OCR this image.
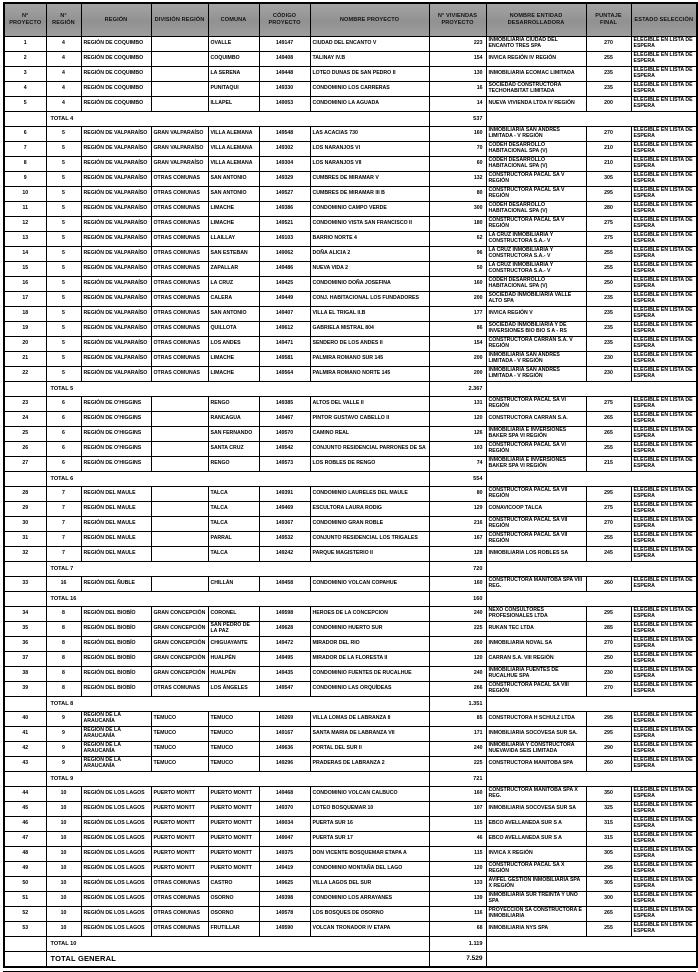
N° PROYECTO	N° REGIÓN	REGIÓN	DIVISIÓN REGIÓN	COMUNA	CÓDIGO PROYECTO	NOMBRE PROYECTO	N° VIVIENDAS PROYECTO	NOMBRE ENTIDAD DESARROLLADORA	PUNTAJE FINAL	ESTADO SELECCIÓN
1	4	REGIÓN DE COQUIMBO		OVALLE	149147	CIUDAD DEL ENCANTO V	223	INMOBILIARIA CIUDAD DEL ENCANTO TRES SPA	270	ELEGIBLE EN LISTA DE ESPERA
2	4	REGIÓN DE COQUIMBO		COQUIMBO	149408	TALINAY IV.B	154	INVICA REGIÓN IV REGIÓN	255	ELEGIBLE EN LISTA DE ESPERA
3	4	REGIÓN DE COQUIMBO		LA SERENA	149448	LOTEO DUNAS DE SAN PEDRO II	130	INMOBILIARIA ECOMAC LIMITADA	235	ELEGIBLE EN LISTA DE ESPERA
4	4	REGIÓN DE COQUIMBO		PUNITAQUI	149330	CONDOMINIO LOS CARRERAS	16	SOCIEDAD CONSTRUCTORA TECHOHABITAT LIMITADA	235	ELEGIBLE EN LISTA DE ESPERA
5	4	REGIÓN DE COQUIMBO		ILLAPEL	149053	CONDOMINIO LA AGUADA	14	NUEVA VIVIENDA LTDA IV REGIÓN	200	ELEGIBLE EN LISTA DE ESPERA
	TOTAL 4						537			
6	5	REGIÓN DE VALPARAÍSO	GRAN VALPARAÍSO	VILLA ALEMANA	149548	LAS ACACIAS 730	160	INMOBILIARIA SAN ANDRES LIMITADA - V REGIÓN	270	ELEGIBLE EN LISTA DE ESPERA
7	5	REGIÓN DE VALPARAÍSO	GRAN VALPARAÍSO	VILLA ALEMANA	149302	LOS NARANJOS VI	70	CODEH DESARROLLO HABITACIONAL SPA (V)	210	ELEGIBLE EN LISTA DE ESPERA
8	5	REGIÓN DE VALPARAÍSO	GRAN VALPARAÍSO	VILLA ALEMANA	149304	LOS NARANJOS VII	60	CODEH DESARROLLO HABITACIONAL SPA (V)	210	ELEGIBLE EN LISTA DE ESPERA
9	5	REGIÓN DE VALPARAÍSO	OTRAS COMUNAS	SAN ANTONIO	149329	CUMBRES DE MIRAMAR V	132	CONSTRUCTORA PACAL SA V REGIÓN	305	ELEGIBLE EN LISTA DE ESPERA
10	5	REGIÓN DE VALPARAÍSO	OTRAS COMUNAS	SAN ANTONIO	149527	CUMBRES DE MIRAMAR III B	80	CONSTRUCTORA PACAL SA V REGIÓN	295	ELEGIBLE EN LISTA DE ESPERA
11	5	REGIÓN DE VALPARAÍSO	OTRAS COMUNAS	LIMACHE	149386	CONDOMINIO CAMPO VERDE	300	CODEH DESARROLLO HABITACIONAL SPA (V)	280	ELEGIBLE EN LISTA DE ESPERA
12	5	REGIÓN DE VALPARAÍSO	OTRAS COMUNAS	LIMACHE	149521	CONDOMINIO VISTA SAN FRANCISCO II	180	CONSTRUCTORA PACAL SA V REGIÓN	275	ELEGIBLE EN LISTA DE ESPERA
13	5	REGIÓN DE VALPARAÍSO	OTRAS COMUNAS	LLAILLAY	149103	BARRIO NORTE 4	62	LA CRUZ INMOBILIARIA Y CONSTRUCTORA S.A.- V	275	ELEGIBLE EN LISTA DE ESPERA
14	5	REGIÓN DE VALPARAÍSO	OTRAS COMUNAS	SAN ESTEBAN	149062	DOÑA ALICIA 2	96	LA CRUZ INMOBILIARIA Y CONSTRUCTORA S.A.- V	255	ELEGIBLE EN LISTA DE ESPERA
15	5	REGIÓN DE VALPARAÍSO	OTRAS COMUNAS	ZAPALLAR	149486	NUEVA VIDA 2	50	LA CRUZ INMOBILIARIA Y CONSTRUCTORA S.A.- V	255	ELEGIBLE EN LISTA DE ESPERA
16	5	REGIÓN DE VALPARAÍSO	OTRAS COMUNAS	LA CRUZ	149425	CONDOMINIO DOÑA JOSEFINA	160	CODEH DESARROLLO HABITACIONAL SPA (V)	250	ELEGIBLE EN LISTA DE ESPERA
17	5	REGIÓN DE VALPARAÍSO	OTRAS COMUNAS	CALERA	149449	CONJ. HABITACIONAL LOS FUNDADORES	200	SOCIEDAD INMOBILIARIA VALLE ALTO SPA	235	ELEGIBLE EN LISTA DE ESPERA
18	5	REGIÓN DE VALPARAÍSO	OTRAS COMUNAS	SAN ANTONIO	149407	VILLA EL TRIGAL II.B	177	INVICA REGIÓN V	235	ELEGIBLE EN LISTA DE ESPERA
19	5	REGIÓN DE VALPARAÍSO	OTRAS COMUNAS	QUILLOTA	149612	GABRIELA MISTRAL 804	86	SOCIEDAD INMOBILIARIA Y DE INVERSIONES BIO BIO S A - RS	235	ELEGIBLE EN LISTA DE ESPERA
20	5	REGIÓN DE VALPARAÍSO	OTRAS COMUNAS	LOS ANDES	149471	SENDERO DE LOS ANDES II	154	CONSTRUCTORA CARRAN S.A. V REGIÓN	235	ELEGIBLE EN LISTA DE ESPERA
21	5	REGIÓN DE VALPARAÍSO	OTRAS COMUNAS	LIMACHE	149581	PALMIRA ROMANO SUR 145	200	INMOBILIARIA SAN ANDRES LIMITADA - V REGIÓN	230	ELEGIBLE EN LISTA DE ESPERA
22	5	REGIÓN DE VALPARAÍSO	OTRAS COMUNAS	LIMACHE	149564	PALMIRA ROMANO NORTE 145	200	INMOBILIARIA SAN ANDRES LIMITADA - V REGIÓN	230	ELEGIBLE EN LISTA DE ESPERA
	TOTAL 5						2.367			
23	6	REGIÓN DE O'HIGGINS		RENGO	149385	ALTOS DEL VALLE II	131	CONSTRUCTORA PACAL SA VI REGIÓN	275	ELEGIBLE EN LISTA DE ESPERA
24	6	REGIÓN DE O'HIGGINS		RANCAGUA	149467	PINTOR GUSTAVO CABELLO II	120	CONSTRUCTORA CARRAN S.A.	265	ELEGIBLE EN LISTA DE ESPERA
25	6	REGIÓN DE O'HIGGINS		SAN FERNANDO	149570	CAMINO REAL	126	INMOBILIARIA E INVERSIONES BAKER SPA VI REGIÓN	265	ELEGIBLE EN LISTA DE ESPERA
26	6	REGIÓN DE O'HIGGINS		SANTA CRUZ	149542	CONJUNTO RESIDENCIAL PARRONES DE SA	103	CONSTRUCTORA PACAL SA VI REGIÓN	255	ELEGIBLE EN LISTA DE ESPERA
27	6	REGIÓN DE O'HIGGINS		RENGO	149573	LOS ROBLES DE RENGO	74	INMOBILIARIA E INVERSIONES BAKER SPA VI REGIÓN	215	ELEGIBLE EN LISTA DE ESPERA
	TOTAL 6						554			
28	7	REGIÓN DEL MAULE		TALCA	149391	CONDOMINIO LAURELES DEL MAULE	80	CONSTRUCTORA PACAL SA VII REGIÓN	295	ELEGIBLE EN LISTA DE ESPERA
29	7	REGIÓN DEL MAULE		TALCA	149469	ESCULTORA LAURA RODIG	129	CONAVICOOP TALCA	275	ELEGIBLE EN LISTA DE ESPERA
30	7	REGIÓN DEL MAULE		TALCA	149367	CONDOMINIO GRAN ROBLE	216	CONSTRUCTORA PACAL SA VII REGIÓN	270	ELEGIBLE EN LISTA DE ESPERA
31	7	REGIÓN DEL MAULE		PARRAL	149532	CONJUNTO RESIDENCIAL LOS TRIGALES	167	CONSTRUCTORA PACAL SA VII REGIÓN	255	ELEGIBLE EN LISTA DE ESPERA
32	7	REGIÓN DEL MAULE		TALCA	149242	PARQUE MAGISTERIO II	128	INMOBILIARIA LOS ROBLES SA	245	ELEGIBLE EN LISTA DE ESPERA
	TOTAL 7						720			
33	16	REGIÓN DEL ÑUBLE		CHILLÁN	149458	CONDOMINIO VOLCAN COPAHUE	160	CONSTRUCTORA MANITOBA SPA VIII REG.	260	ELEGIBLE EN LISTA DE ESPERA
	TOTAL 16						160			
34	8	REGIÓN DEL BIOBÍO	GRAN CONCEPCIÓN	CORONEL	149598	HEROES DE LA CONCEPCION	240	NEXO CONSULTORES PROFESIONALES LTDA	295	ELEGIBLE EN LISTA DE ESPERA
35	8	REGIÓN DEL BIOBÍO	GRAN CONCEPCIÓN	SAN PEDRO DE LA PAZ	149628	CONDOMINIO HUERTO SUR	225	RUKAN TEC LTDA	285	ELEGIBLE EN LISTA DE ESPERA
36	8	REGIÓN DEL BIOBÍO	GRAN CONCEPCIÓN	CHIGUAYANTE	149472	MIRADOR DEL RIO	260	INMOBILIARIA NOVAL SA	270	ELEGIBLE EN LISTA DE ESPERA
37	8	REGIÓN DEL BIOBÍO	GRAN CONCEPCIÓN	HUALPÉN	149495	MIRADOR DE LA FLORESTA II	120	CARRAN S.A. VIII REGIÓN	250	ELEGIBLE EN LISTA DE ESPERA
38	8	REGIÓN DEL BIOBÍO	GRAN CONCEPCIÓN	HUALPÉN	149435	CONDOMINIO FUENTES DE RUCALHUE	240	INMOBILIARIA FUENTES DE RUCALHUE SPA	230	ELEGIBLE EN LISTA DE ESPERA
39	8	REGIÓN DEL BIOBÍO	OTRAS COMUNAS	LOS ÁNGELES	149547	CONDOMINIO LAS ORQUÍDEAS	266	CONSTRUCTORA PACAL SA VIII REGIÓN	270	ELEGIBLE EN LISTA DE ESPERA
	TOTAL 8						1.351			
40	9	REGIÓN DE LA ARAUCANÍA	TEMUCO	TEMUCO	149269	VILLA LOMAS DE LABRANZA II	85	CONSTRUCTORA H SCHULZ LTDA	295	ELEGIBLE EN LISTA DE ESPERA
41	9	REGIÓN DE LA ARAUCANÍA	TEMUCO	TEMUCO	149167	SANTA MARIA DE LABRANZA VII	171	INMOBILIARIA SOCOVESA SUR SA.	295	ELEGIBLE EN LISTA DE ESPERA
42	9	REGIÓN DE LA ARAUCANÍA	TEMUCO	TEMUCO	149636	PORTAL DEL SUR II	240	INMOBILIARIA Y CONSTRUCTORA NUEVAVIDA SEIS LIMITADA	290	ELEGIBLE EN LISTA DE ESPERA
43	9	REGIÓN DE LA ARAUCANÍA	TEMUCO	TEMUCO	149296	PRADERAS DE LABRANZA 2	225	CONSTRUCTORA MANITOBA SPA	260	ELEGIBLE EN LISTA DE ESPERA
	TOTAL 9						721			
44	10	REGIÓN DE LOS LAGOS	PUERTO MONTT	PUERTO MONTT	149468	CONDOMINIO VOLCAN CALBUCO	160	CONSTRUCTORA MANITOBA SPA X REG.	350	ELEGIBLE EN LISTA DE ESPERA
45	10	REGIÓN DE LOS LAGOS	PUERTO MONTT	PUERTO MONTT	149370	LOTEO BOSQUEMAR 10	107	INMOBILIARIA SOCOVESA SUR SA	325	ELEGIBLE EN LISTA DE ESPERA
46	10	REGIÓN DE LOS LAGOS	PUERTO MONTT	PUERTO MONTT	149034	PUERTA SUR 16	115	EBCO AVELLANEDA SUR S A	315	ELEGIBLE EN LISTA DE ESPERA
47	10	REGIÓN DE LOS LAGOS	PUERTO MONTT	PUERTO MONTT	149047	PUERTA SUR 17	46	EBCO AVELLANEDA SUR S A	315	ELEGIBLE EN LISTA DE ESPERA
48	10	REGIÓN DE LOS LAGOS	PUERTO MONTT	PUERTO MONTT	149375	DON VICENTE BOSQUEMAR ETAPA A	115	INVICA X REGIÓN	305	ELEGIBLE EN LISTA DE ESPERA
49	10	REGIÓN DE LOS LAGOS	PUERTO MONTT	PUERTO MONTT	149419	CONDOMINIO MONTAÑA DEL LAGO	120	CONSTRUCTORA PACAL SA X REGIÓN	295	ELEGIBLE EN LISTA DE ESPERA
50	10	REGIÓN DE LOS LAGOS	OTRAS COMUNAS	CASTRO	149625	VILLA LAGOS DEL SUR	133	AVIFEL GESTIÓN INMOBILIARIA SPA X REGIÓN	305	ELEGIBLE EN LISTA DE ESPERA
51	10	REGIÓN DE LOS LAGOS	OTRAS COMUNAS	OSORNO	149398	CONDOMINIO LOS ARRAYANES	139	INMOBILIARIA SUR TREINTA Y UNO SPA	300	ELEGIBLE EN LISTA DE ESPERA
52	10	REGIÓN DE LOS LAGOS	OTRAS COMUNAS	OSORNO	149578	LOS BOSQUES DE OSORNO	116	PROYECCION SA CONSTRUCTORA E INMOBILIARIA	265	ELEGIBLE EN LISTA DE ESPERA
53	10	REGIÓN DE LOS LAGOS	OTRAS COMUNAS	FRUTILLAR	149590	VOLCAN TRONADOR IV ETAPA	68	INMOBILIARIA NYS SPA	255	ELEGIBLE EN LISTA DE ESPERA
	TOTAL 10						1.119			
	TOTAL GENERAL						7.529			
